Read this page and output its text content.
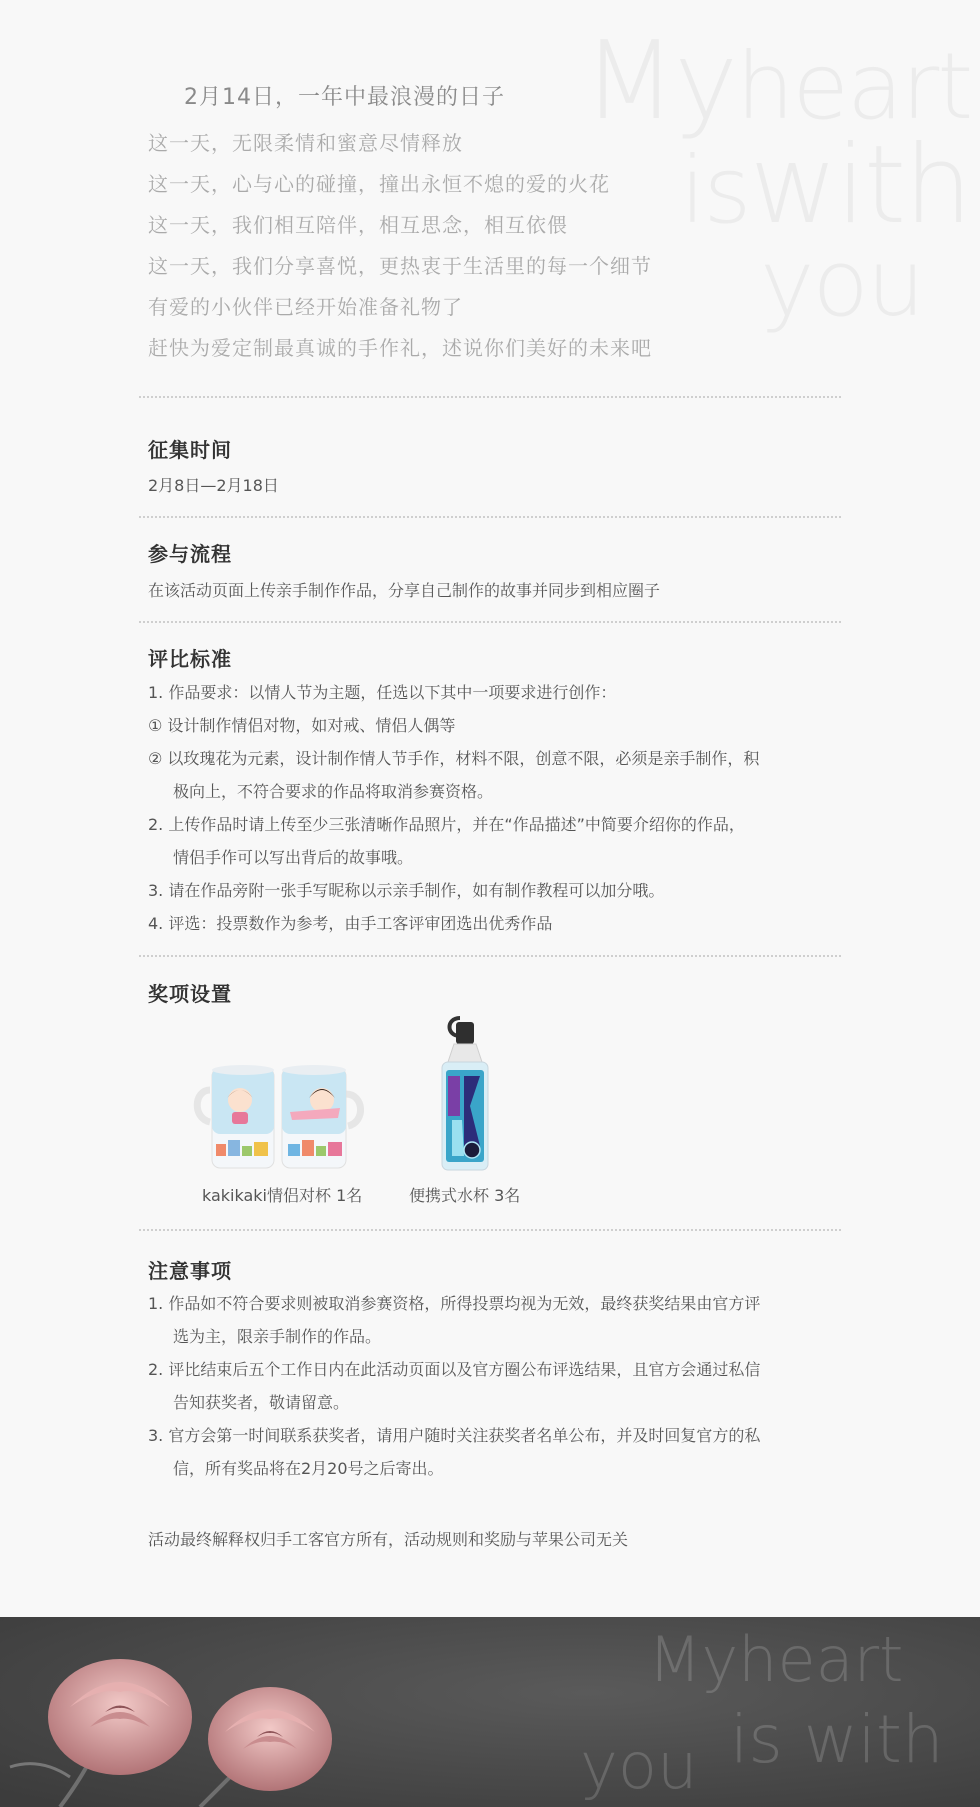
Myheart
iswith
you
2月14日，一年中最浪漫的日子
这一天，无限柔情和蜜意尽情释放
这一天，心与心的碰撞，撞出永恒不熄的爱的火花
这一天，我们相互陪伴，相互思念，相互依偎
这一天，我们分享喜悦，更热衷于生活里的每一个细节
有爱的小伙伴已经开始准备礼物了
赶快为爱定制最真诚的手作礼，述说你们美好的未来吧
征集时间
2月8日—2月18日
参与流程
在该活动页面上传亲手制作作品，分享自己制作的故事并同步到相应圈子
评比标准
1. 作品要求：以情人节为主题，任选以下其中一项要求进行创作：
① 设计制作情侣对物，如对戒、情侣人偶等
② 以玫瑰花为元素，设计制作情人节手作，材料不限，创意不限，必须是亲手制作，积
极向上，不符合要求的作品将取消参赛资格。
2. 上传作品时请上传至少三张清晰作品照片，并在“作品描述”中简要介绍你的作品，
情侣手作可以写出背后的故事哦。
3. 请在作品旁附一张手写昵称以示亲手制作，如有制作教程可以加分哦。
4. 评选：投票数作为参考，由手工客评审团选出优秀作品
奖项设置
kakikaki情侣对杯 1名	便携式水杯 3名
注意事项
1. 作品如不符合要求则被取消参赛资格，所得投票均视为无效，最终获奖结果由官方评
选为主，限亲手制作的作品。
2. 评比结束后五个工作日内在此活动页面以及官方圈公布评选结果，且官方会通过私信
告知获奖者，敬请留意。
3. 官方会第一时间联系获奖者，请用户随时关注获奖者名单公布，并及时回复官方的私
信，所有奖品将在2月20号之后寄出。
活动最终解释权归手工客官方所有，活动规则和奖励与苹果公司无关
Myheart
is with
you
